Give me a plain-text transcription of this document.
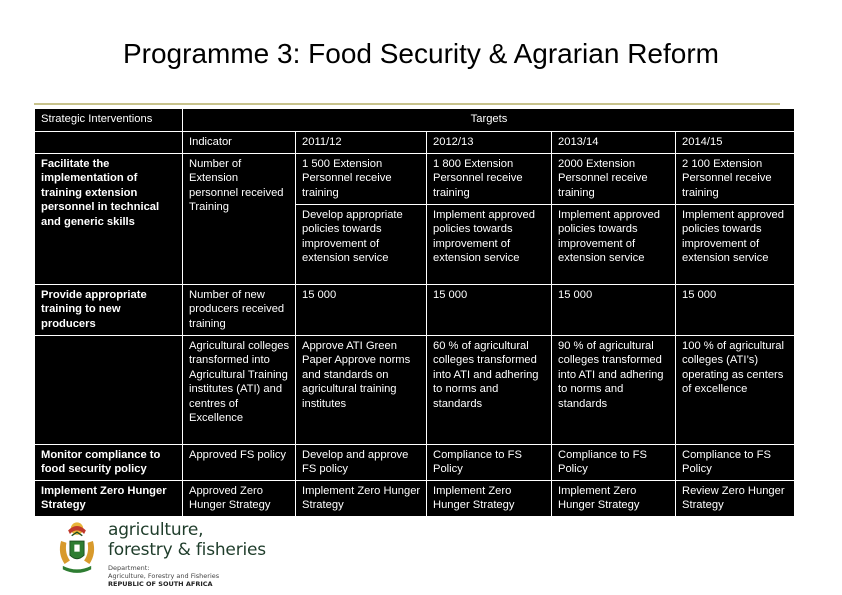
Programme 3: Food Security & Agrarian Reform
Strategic Interventions	Targets				
	Indicator	2011/12	2012/13	2013/14	2014/15
Facilitate the implementation of training extension personnel in technical and generic skills	Number of Extension personnel received Training	1 500 Extension Personnel receive training	1 800 Extension Personnel receive training	2000 Extension Personnel receive training	2 100 Extension Personnel receive training
		Develop appropriate policies towards improvement of extension service	Implement approved policies towards improvement of extension service	Implement approved policies towards improvement of extension service	Implement approved policies towards improvement of extension service
Provide appropriate training to new producers	Number of new producers received training	15 000	15 000	15 000	15 000
	Agricultural colleges transformed into Agricultural Training institutes (ATI) and centres of Excellence	Approve ATI Green Paper Approve norms and standards on agricultural training institutes	60 % of agricultural colleges transformed into ATI and adhering to norms and standards	90 % of agricultural colleges transformed into ATI and adhering to norms and standards	100 % of agricultural colleges (ATI’s) operating as centers of excellence
Monitor compliance to food security policy	Approved FS policy	Develop and approve FS policy	Compliance to FS Policy	Compliance to FS Policy	Compliance to FS Policy
Implement Zero Hunger Strategy	Approved Zero Hunger Strategy	Implement Zero Hunger Strategy	Implement Zero Hunger Strategy	Implement Zero Hunger Strategy	Review Zero Hunger Strategy
agriculture,
forestry & fisheries
Department:
Agriculture, Forestry and Fisheries
REPUBLIC OF SOUTH AFRICA
